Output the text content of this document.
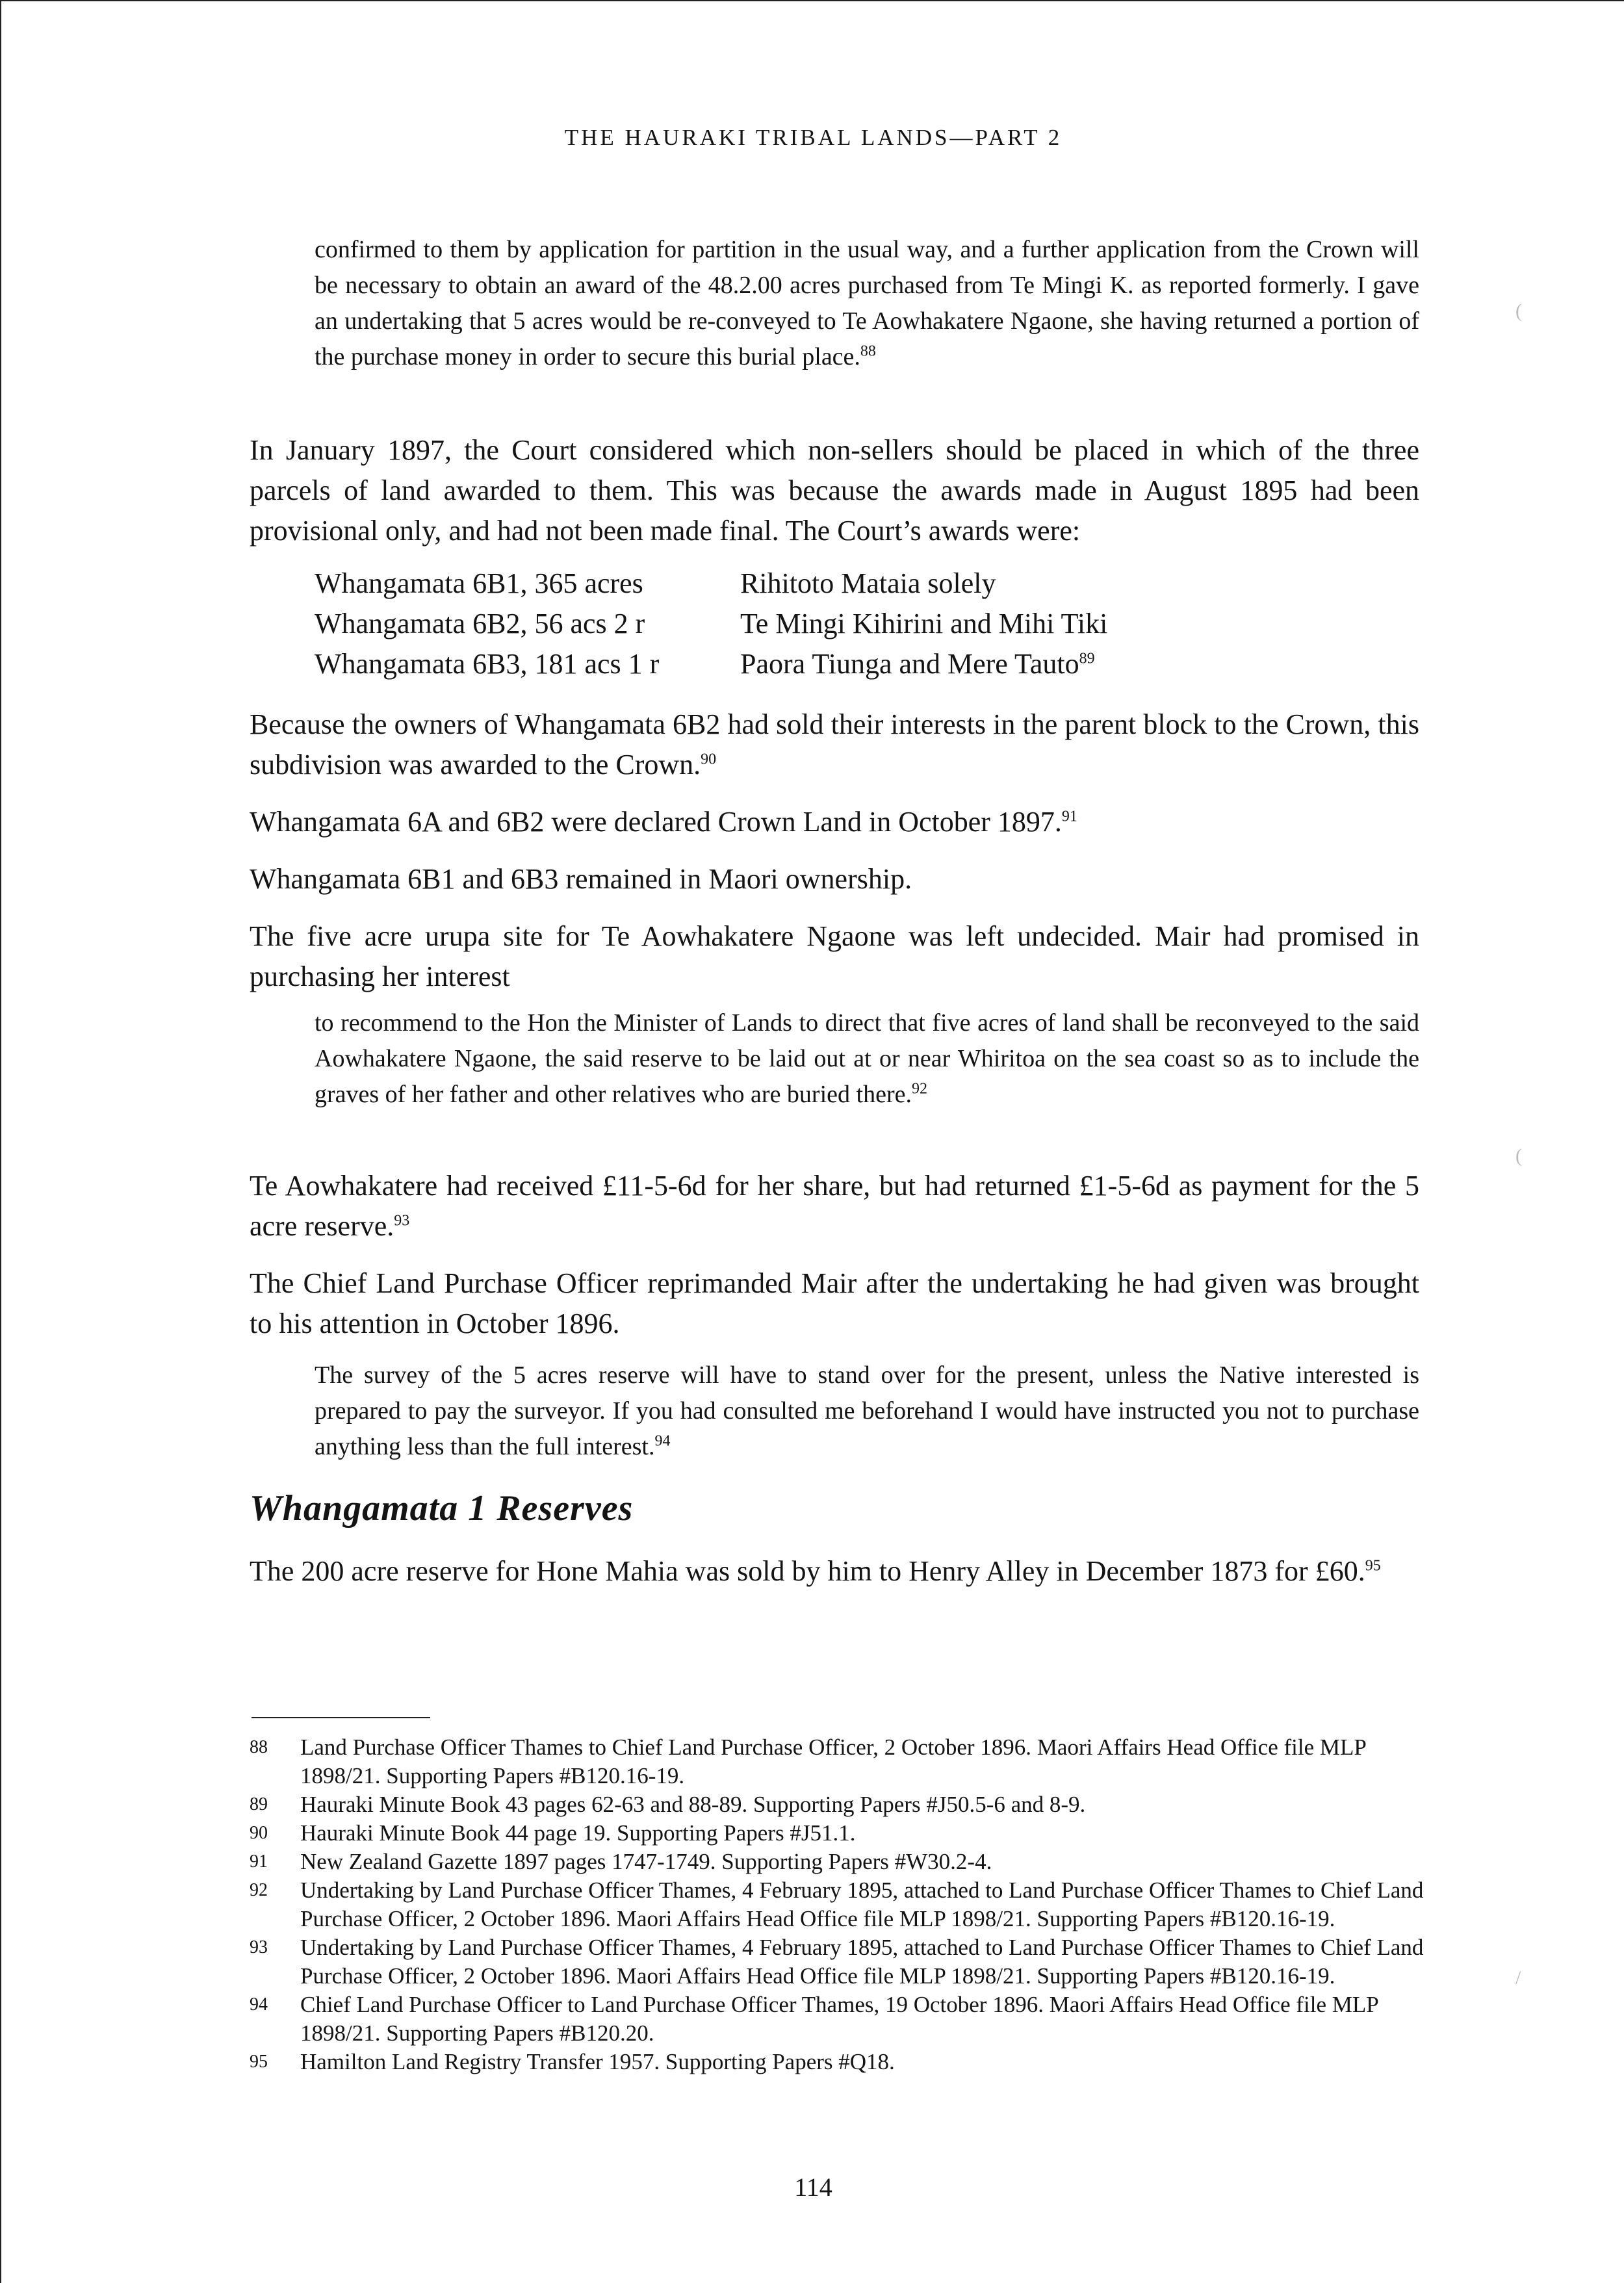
THE HAURAKI TRIBAL LANDS—PART 2

confirmed to them by application for partition in the usual way, and a further application from the Crown will be necessary to obtain an award of the 48.2.00 acres purchased from Te Mingi K. as reported formerly. I gave an undertaking that 5 acres would be re-conveyed to Te Aowhakatere Ngaone, she having returned a portion of the purchase money in order to secure this burial place.$^{88}$

In January 1897, the Court considered which non-sellers should be placed in which of the three parcels of land awarded to them. This was because the awards made in August 1895 had been provisional only, and had not been made final. The Court’s awards were:

Whangamata 6B1, 365 acres	Rihitoto Mataia solely
Whangamata 6B2, 56 acs 2 r	Te Mingi Kihirini and Mihi Tiki
Whangamata 6B3, 181 acs 1 r	Paora Tiunga and Mere Tauto$^{89}$

Because the owners of Whangamata 6B2 had sold their interests in the parent block to the Crown, this subdivision was awarded to the Crown.$^{90}$

Whangamata 6A and 6B2 were declared Crown Land in October 1897.91

Whangamata 6B1 and 6B3 remained in Maori ownership.

The five acre urupa site for Te Aowhakatere Ngaone was left undecided. Mair had promised in purchasing her interest

to recommend to the Hon the Minister of Lands to direct that five acres of land shall be reconveyed to the said Aowhakatere Ngaone, the said reserve to be laid out at or near Whiritoa on the sea coast so as to include the graves of her father and other relatives who are buried there.$^{92}$

Te Aowhakatere had received £11-5-6d for her share, but had returned £1-5-6d as payment for the 5 acre reserve.$^{93}$

The Chief Land Purchase Officer reprimanded Mair after the undertaking he had given was brought to his attention in October 1896.

The survey of the 5 acres reserve will have to stand over for the present, unless the Native interested is prepared to pay the surveyor. If you had consulted me beforehand I would have instructed you not to purchase anything less than the full interest.$^{94}$

Whangamata 1 Reserves

The 200 acre reserve for Hone Mahia was sold by him to Henry Alley in December 1873 for £60.95

88	Land Purchase Officer Thames to Chief Land Purchase Officer, 2 October 1896. Maori Affairs Head Office file MLP 1898/21. Supporting Papers #B120.16-19.
89	Hauraki Minute Book 43 pages 62-63 and 88-89. Supporting Papers #J50.5-6 and 8-9.
90	Hauraki Minute Book 44 page 19. Supporting Papers #J51.1.
91	New Zealand Gazette 1897 pages 1747-1749. Supporting Papers #W30.2-4.
92	Undertaking by Land Purchase Officer Thames, 4 February 1895, attached to Land Purchase Officer Thames to Chief Land Purchase Officer, 2 October 1896. Maori Affairs Head Office file MLP 1898/21. Supporting Papers #B120.16-19.
93	Undertaking by Land Purchase Officer Thames, 4 February 1895, attached to Land Purchase Officer Thames to Chief Land Purchase Officer, 2 October 1896. Maori Affairs Head Office file MLP 1898/21. Supporting Papers #B120.16-19.
94	Chief Land Purchase Officer to Land Purchase Officer Thames, 19 October 1896. Maori Affairs Head Office file MLP 1898/21. Supporting Papers #B120.20.
95	Hamilton Land Registry Transfer 1957. Supporting Papers #Q18.
114
(
(
/
